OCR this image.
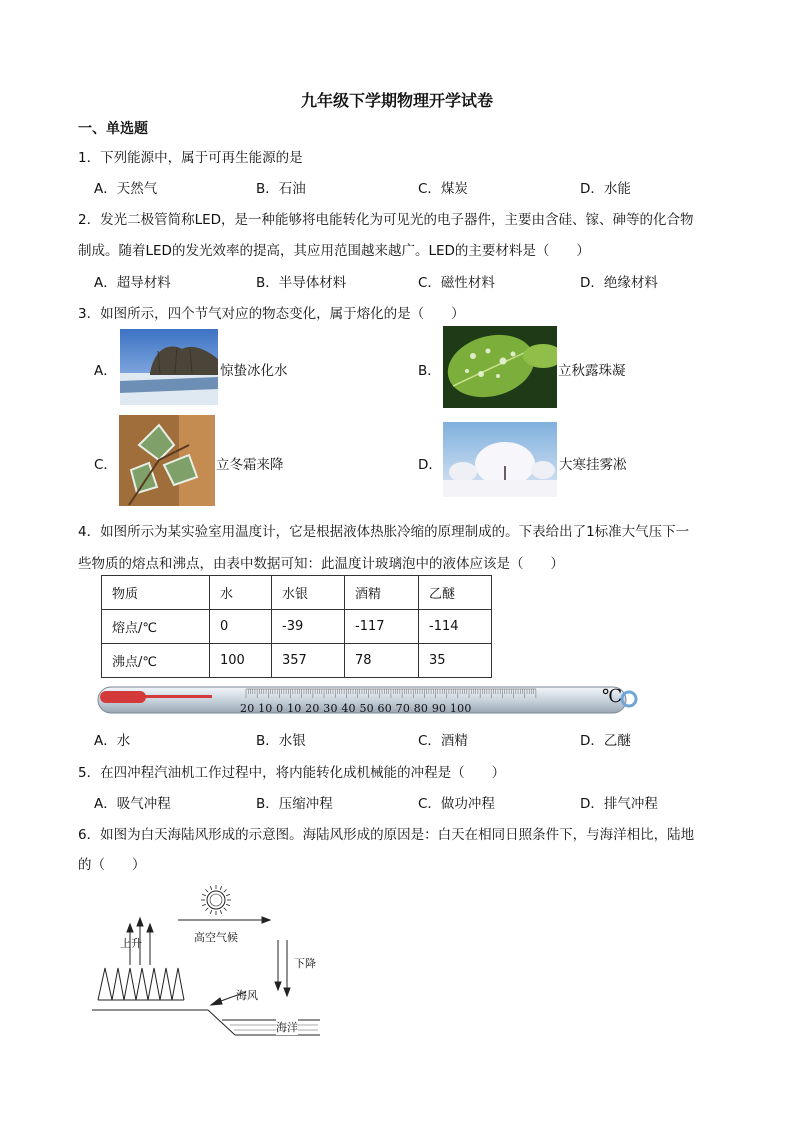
九年级下学期物理开学试卷
一、单选题
1．下列能源中，属于可再生能源的是
A．天然气	B．石油	C．煤炭	D．水能
2．发光二极管简称LED，是一种能够将电能转化为可见光的电子器件，主要由含硅、镓、砷等的化合物
制成。随着LED的发光效率的提高，其应用范围越来越广。LED的主要材料是（　　）
A．超导材料	B．半导体材料	C．磁性材料	D．绝缘材料
3．如图所示，四个节气对应的物态变化，属于熔化的是（　　）
A．	惊蛰冰化水	B．	立秋露珠凝
C．	立冬霜来降	D．	大寒挂雾凇
4．如图所示为某实验室用温度计，它是根据液体热胀冷缩的原理制成的。下表给出了1标准大气压下一
些物质的熔点和沸点，由表中数据可知：此温度计玻璃泡中的液体应该是（　　）
物质	水	水银	酒精	乙醚
熔点/℃	0	-39	-117	-114
沸点/℃	100	357	78	35
20 10 0 10 20 30 40 50 60 70 80 90 100
℃
A．水	B．水银	C．酒精	D．乙醚
5．在四冲程汽油机工作过程中，将内能转化成机械能的冲程是（　　）
A．吸气冲程	B．压缩冲程	C．做功冲程	D．排气冲程
6．如图为白天海陆风形成的示意图。海陆风形成的原因是：白天在相同日照条件下，与海洋相比，陆地
的（　　）
上升	高空气候
下降
海风
海洋
